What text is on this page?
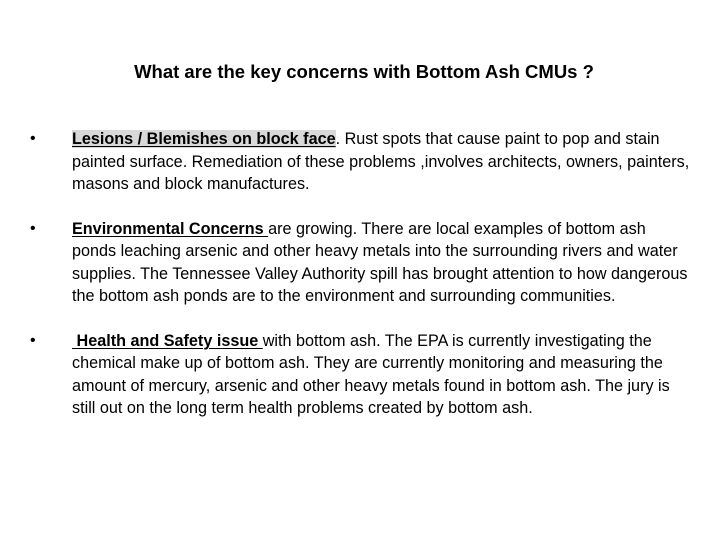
What are the key concerns with Bottom Ash CMUs ?
• Lesions / Blemishes on block face. Rust spots that cause paint to pop and stain painted surface. Remediation of these problems ,involves architects, owners, painters, masons and block manufactures.
• Environmental Concerns are growing. There are local examples of bottom ash ponds leaching arsenic and other heavy metals into the surrounding rivers and water supplies. The Tennessee Valley Authority spill has brought attention to how dangerous the bottom ash ponds are to the environment and surrounding communities.
• Health and Safety issue with bottom ash. The EPA is currently investigating the chemical make up of bottom ash. They are currently monitoring and measuring the amount of mercury, arsenic and other heavy metals found in bottom ash. The jury is still out on the long term health problems created by bottom ash.
